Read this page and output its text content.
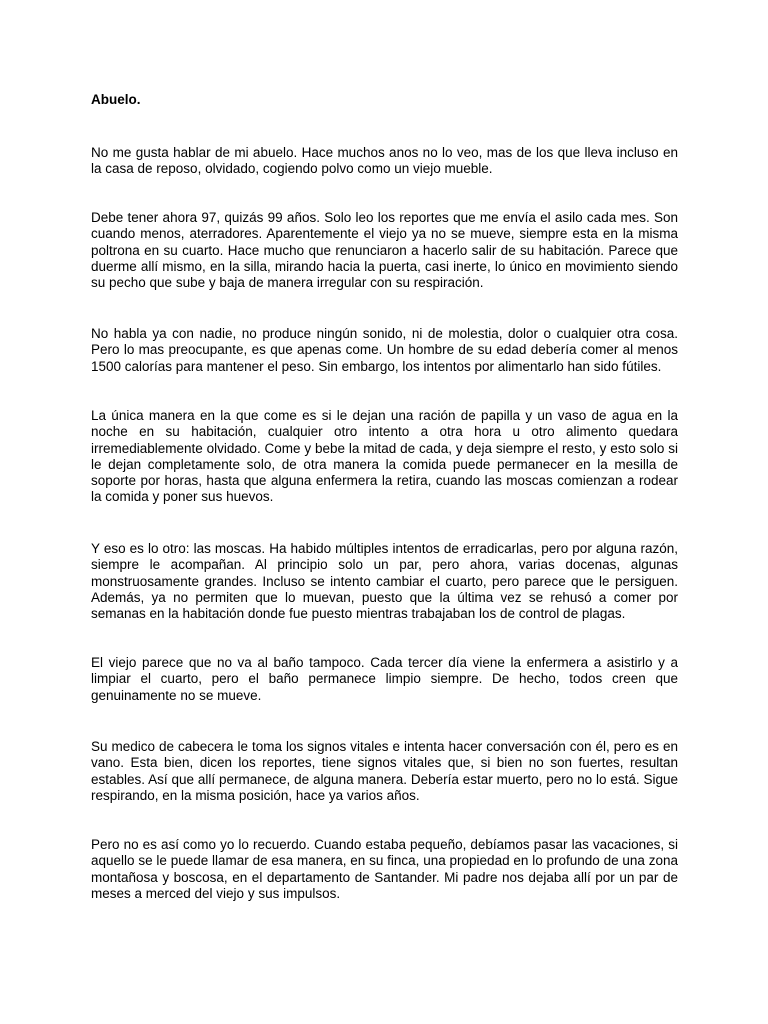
Abuelo.

No me gusta hablar de mi abuelo. Hace muchos anos no lo veo, mas de los que lleva incluso en la casa de reposo, olvidado, cogiendo polvo como un viejo mueble.

Debe tener ahora 97, quizás 99 años. Solo leo los reportes que me envía el asilo cada mes. Son cuando menos, aterradores. Aparentemente el viejo ya no se mueve, siempre esta en la misma poltrona en su cuarto. Hace mucho que renunciaron a hacerlo salir de su habitación. Parece que duerme allí mismo, en la silla, mirando hacia la puerta, casi inerte, lo único en movimiento siendo su pecho que sube y baja de manera irregular con su respiración.

No habla ya con nadie, no produce ningún sonido, ni de molestia, dolor o cualquier otra cosa. Pero lo mas preocupante, es que apenas come. Un hombre de su edad debería comer al menos 1500 calorías para mantener el peso. Sin embargo, los intentos por alimentarlo han sido fútiles.

La única manera en la que come es si le dejan una ración de papilla y un vaso de agua en la noche en su habitación, cualquier otro intento a otra hora u otro alimento quedara irremediablemente olvidado. Come y bebe la mitad de cada, y deja siempre el resto, y esto solo si le dejan completamente solo, de otra manera la comida puede permanecer en la mesilla de soporte por horas, hasta que alguna enfermera la retira, cuando las moscas comienzan a rodear la comida y poner sus huevos.

Y eso es lo otro: las moscas. Ha habido múltiples intentos de erradicarlas, pero por alguna razón, siempre le acompañan. Al principio solo un par, pero ahora, varias docenas, algunas monstruosamente grandes. Incluso se intento cambiar el cuarto, pero parece que le persiguen. Además, ya no permiten que lo muevan, puesto que la última vez se rehusó a comer por semanas en la habitación donde fue puesto mientras trabajaban los de control de plagas.

El viejo parece que no va al baño tampoco. Cada tercer día viene la enfermera a asistirlo y a limpiar el cuarto, pero el baño permanece limpio siempre. De hecho, todos creen que genuinamente no se mueve.

Su medico de cabecera le toma los signos vitales e intenta hacer conversación con él, pero es en vano. Esta bien, dicen los reportes, tiene signos vitales que, si bien no son fuertes, resultan estables. Así que allí permanece, de alguna manera. Debería estar muerto, pero no lo está. Sigue respirando, en la misma posición, hace ya varios años.

Pero no es así como yo lo recuerdo. Cuando estaba pequeño, debíamos pasar las vacaciones, si aquello se le puede llamar de esa manera, en su finca, una propiedad en lo profundo de una zona montañosa y boscosa, en el departamento de Santander. Mi padre nos dejaba allí por un par de meses a merced del viejo y sus impulsos.
